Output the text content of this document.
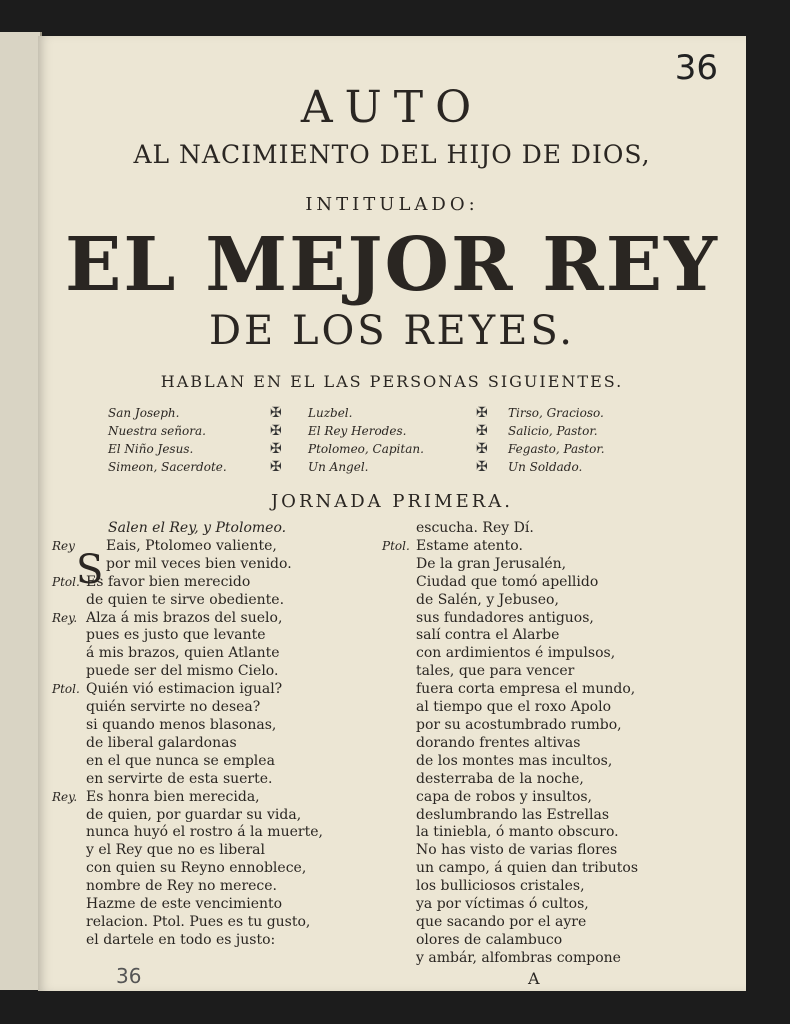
36
AUTO
AL NACIMIENTO DEL HIJO DE DIOS,
INTITULADO:
EL MEJOR REY
DE LOS REYES.
HABLAN EN EL LAS PERSONAS SIGUIENTES.
San Joseph.
Nuestra señora.
El Niño Jesus.
Simeon, Sacerdote.
✠
✠
✠
✠
Luzbel.
El Rey Herodes.
Ptolomeo, Capitan.
Un Angel.
✠
✠
✠
✠
Tirso, Gracioso.
Salicio, Pastor.
Fegasto, Pastor.
Un Soldado.
JORNADA PRIMERA.
Salen el Rey, y Ptolomeo.
S
Rey	Eais, Ptolomeo valiente,
por mil veces bien venido.
Ptol. Es favor bien merecido
de quien te sirve obediente.
Rey. Alza á mis brazos del suelo,
pues es justo que levante
á mis brazos, quien Atlante
puede ser del mismo Cielo.
Ptol. Quién vió estimacion igual?
quién servirte no desea?
si quando menos blasonas,
de liberal galardonas
en el que nunca se emplea
en servirte de esta suerte.
Rey. Es honra bien merecida,
de quien, por guardar su vida,
nunca huyó el rostro á la muerte,
y el Rey que no es liberal
con quien su Reyno ennoblece,
nombre de Rey no merece.
Hazme de este vencimiento
relacion. Ptol. Pues es tu gusto,
el dartele en todo es justo:
escucha. Rey Dí.
Ptol. Estame atento.
De la gran Jerusalén,
Ciudad que tomó apellido
de Salén, y Jebuseo,
sus fundadores antiguos,
salí contra el Alarbe
con ardimientos é impulsos,
tales, que para vencer
fuera corta empresa el mundo,
al tiempo que el roxo Apolo
por su acostumbrado rumbo,
dorando frentes altivas
de los montes mas incultos,
desterraba de la noche,
capa de robos y insultos,
deslumbrando las Estrellas
la tiniebla, ó manto obscuro.
No has visto de varias flores
un campo, á quien dan tributos
los bulliciosos cristales,
ya por víctimas ó cultos,
que sacando por el ayre
olores de calambuco
y ambár, alfombras compone
36	A
